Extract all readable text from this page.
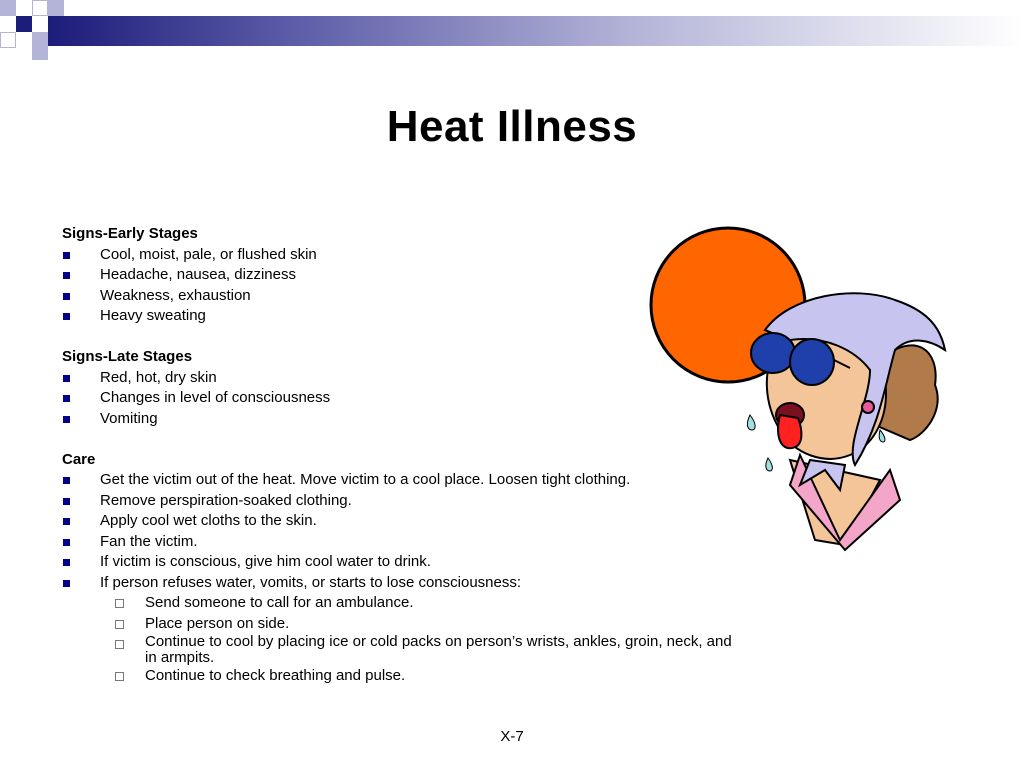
Heat Illness
Signs-Early Stages
Cool, moist, pale, or flushed skin
Headache, nausea, dizziness
Weakness, exhaustion
Heavy sweating
Signs-Late Stages
Red, hot, dry skin
Changes in level of consciousness
Vomiting
Care
Get the victim out of the heat. Move victim to a cool place. Loosen tight clothing.
Remove perspiration-soaked clothing.
Apply cool wet cloths to the skin.
Fan the victim.
If victim is conscious, give him cool water to drink.
If person refuses water, vomits, or starts to lose consciousness:
Send someone to call for an ambulance.
Place person on side.
Continue to cool by placing ice or cold packs on person’s wrists, ankles, groin, neck, and in armpits.
Continue to check breathing and pulse.
X-7
